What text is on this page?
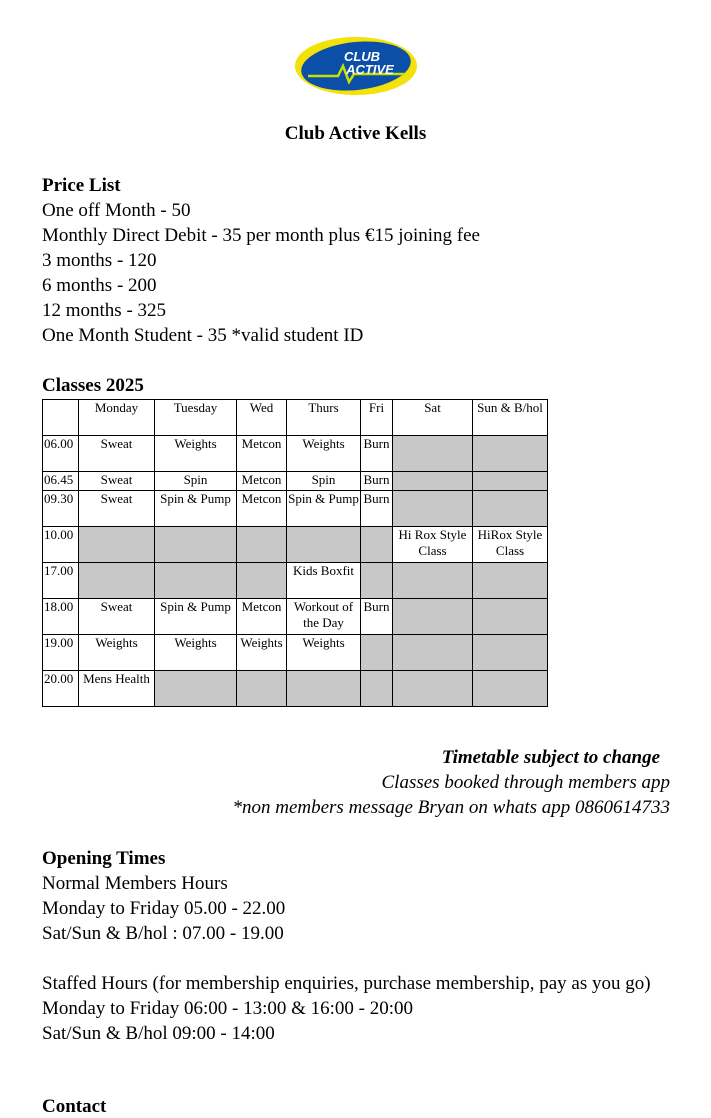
CLUB
ACTIVE
Club Active Kells
Price List
One off Month - 50
Monthly Direct Debit - 35 per month plus €15 joining fee
3 months - 120
6 months - 200
12 months - 325
One Month Student - 35 *valid student ID
Classes 2025
	Monday	Tuesday	Wed	Thurs	Fri	Sat	Sun & B/hol
06.00	Sweat	Weights	Metcon	Weights	Burn		
06.45	Sweat	Spin	Metcon	Spin	Burn		
09.30	Sweat	Spin & Pump	Metcon	Spin & Pump	Burn		
10.00						Hi Rox Style Class	HiRox Style Class
17.00				Kids Boxfit			
18.00	Sweat	Spin & Pump	Metcon	Workout of the Day	Burn		
19.00	Weights	Weights	Weights	Weights			
20.00	Mens Health						
Timetable subject to change
Classes booked through members app
*non members message Bryan on whats app 0860614733
Opening Times
Normal Members Hours
Monday to Friday 05.00 - 22.00
Sat/Sun & B/hol : 07.00 - 19.00
Staffed Hours (for membership enquiries, purchase membership, pay as you go)
Monday to Friday 06:00 - 13:00 & 16:00 - 20:00
Sat/Sun & B/hol 09:00 - 14:00
Contact
